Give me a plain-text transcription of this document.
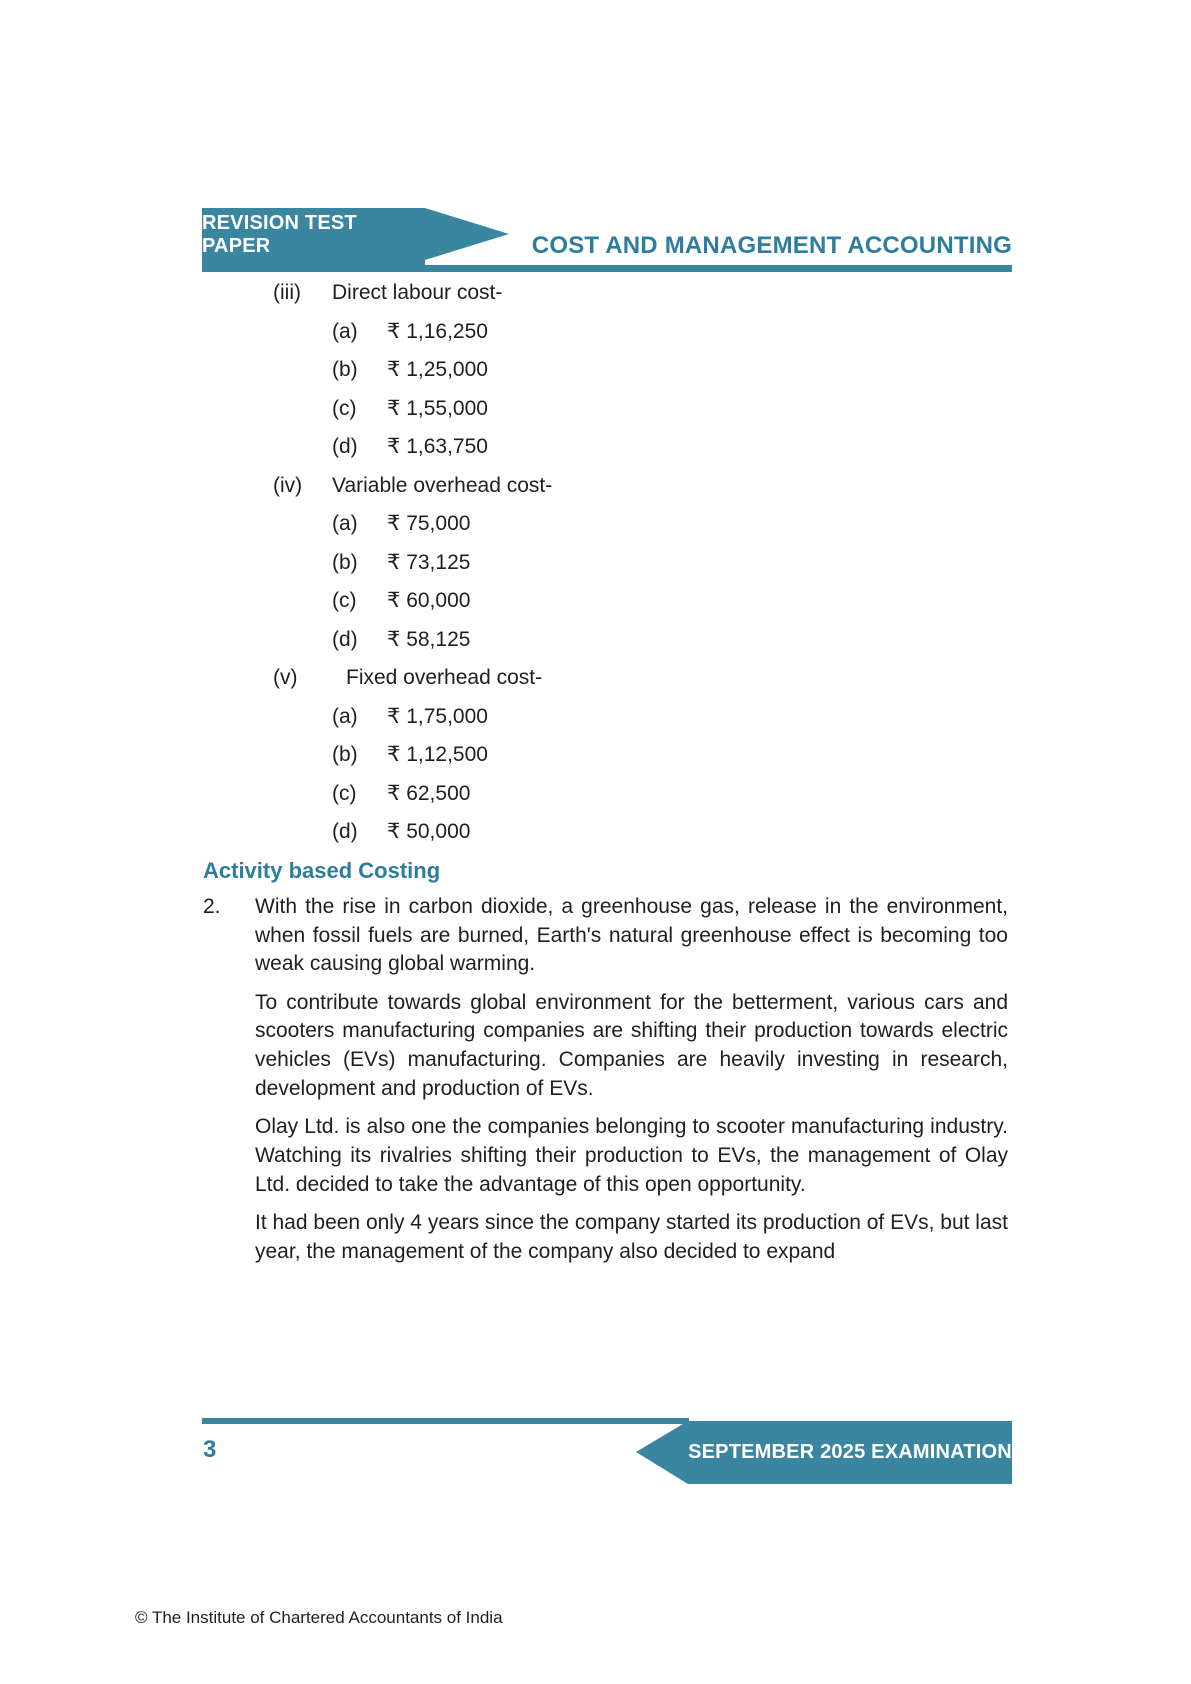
REVISION TEST PAPER	COST AND MANAGEMENT ACCOUNTING
(iii)	Direct labour cost-
(a)	₹ 1,16,250
(b)	₹ 1,25,000
(c)	₹ 1,55,000
(d)	₹ 1,63,750
(iv)	Variable overhead cost-
(a)	₹ 75,000
(b)	₹ 73,125
(c)	₹ 60,000
(d)	₹ 58,125
(v)	Fixed overhead cost-
(a)	₹ 1,75,000
(b)	₹ 1,12,500
(c)	₹ 62,500
(d)	₹ 50,000
Activity based Costing
2. With the rise in carbon dioxide, a greenhouse gas, release in the environment, when fossil fuels are burned, Earth's natural greenhouse effect is becoming too weak causing global warming.

To contribute towards global environment for the betterment, various cars and scooters manufacturing companies are shifting their production towards electric vehicles (EVs) manufacturing. Companies are heavily investing in research, development and production of EVs.

Olay Ltd. is also one the companies belonging to scooter manufacturing industry. Watching its rivalries shifting their production to EVs, the management of Olay Ltd. decided to take the advantage of this open opportunity.

It had been only 4 years since the company started its production of EVs, but last year, the management of the company also decided to expand

3	SEPTEMBER 2025 EXAMINATION
© The Institute of Chartered Accountants of India
